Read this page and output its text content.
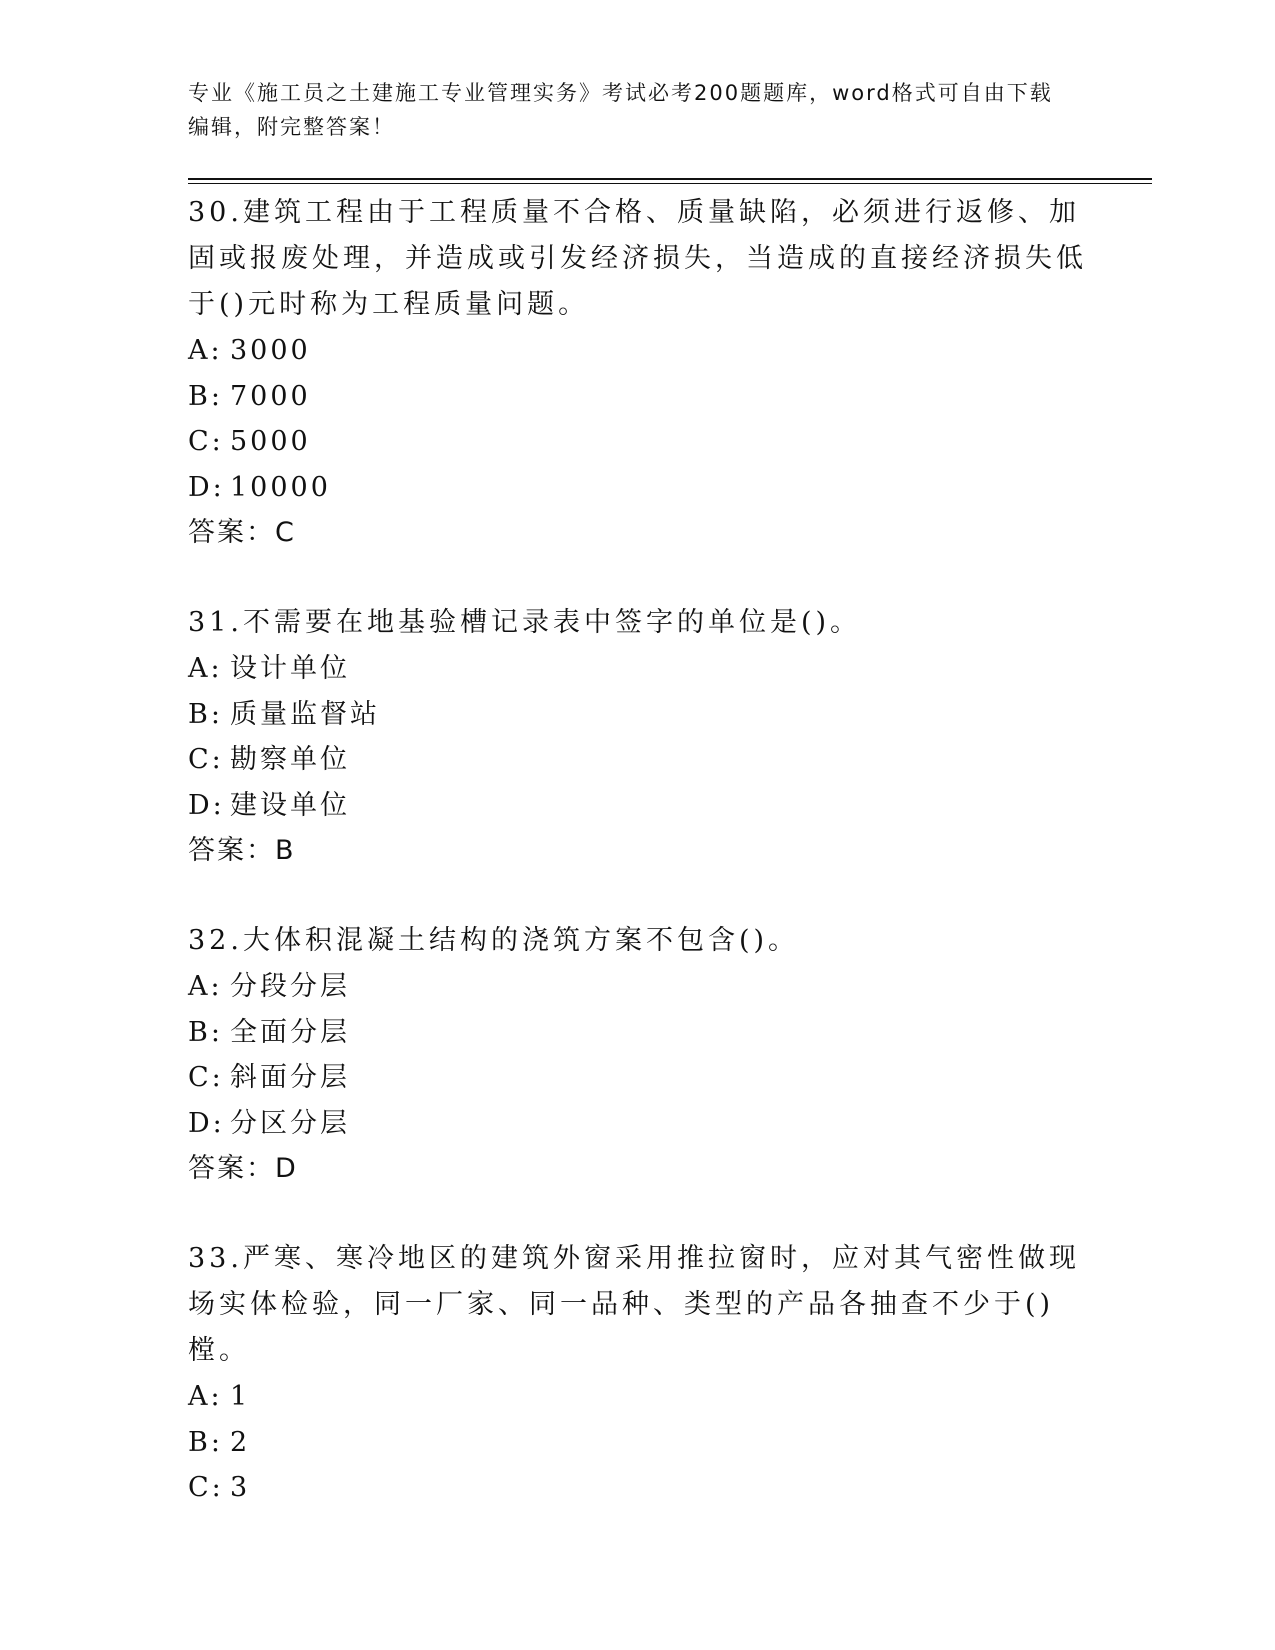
专业《施工员之土建施工专业管理实务》考试必考200题题库，word格式可自由下载编辑，附完整答案！

30.建筑工程由于工程质量不合格、质量缺陷，必须进行返修、加固或报废处理，并造成或引发经济损失，当造成的直接经济损失低于()元时称为工程质量问题。

A: 3000

B: 7000

C: 5000

D: 10000

答案：C

31.不需要在地基验槽记录表中签字的单位是()。

A: 设计单位

B: 质量监督站

C: 勘察单位

D: 建设单位

答案：B

32.大体积混凝土结构的浇筑方案不包含()。

A: 分段分层

B: 全面分层

C: 斜面分层

D: 分区分层

答案：D

33.严寒、寒冷地区的建筑外窗采用推拉窗时，应对其气密性做现场实体检验，同一厂家、同一品种、类型的产品各抽查不少于()樘。

A: 1

B: 2

C: 3
